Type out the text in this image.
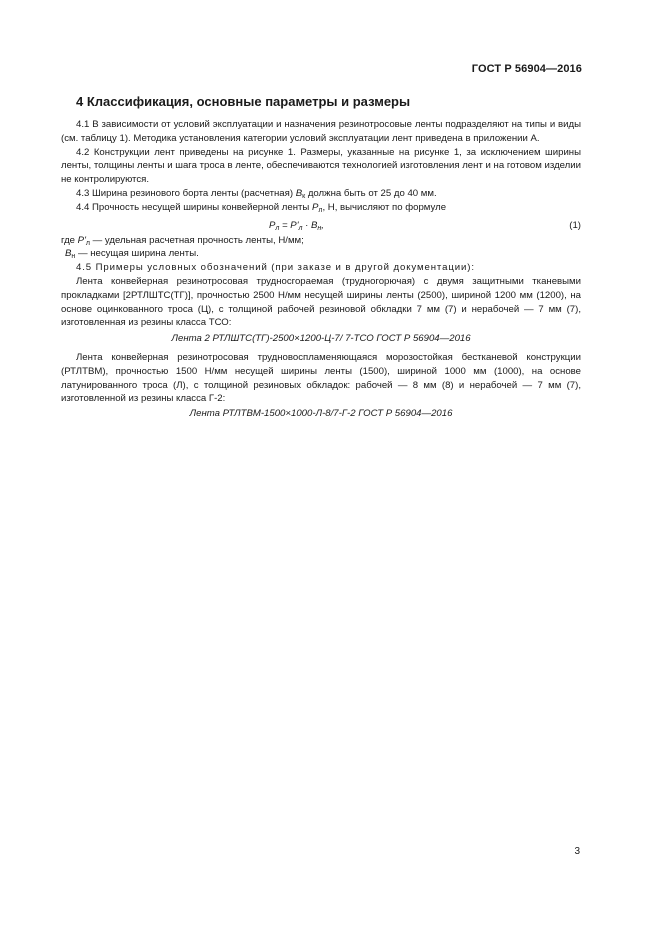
ГОСТ Р 56904—2016
4 Классификация, основные параметры и размеры

4.1 В зависимости от условий эксплуатации и назначения резинотросовые ленты подразделяют на типы и виды (см. таблицу 1). Методика установления категории условий эксплуатации лент приведена в приложении А.

4.2 Конструкции лент приведены на рисунке 1. Размеры, указанные на рисунке 1, за исключением ширины ленты, толщины ленты и шага троса в ленте, обеспечиваются технологией изготовления лент и на готовом изделии не контролируются.

4.3 Ширина резинового борта ленты (расчетная) $B_к$ должна быть от 25 до 40 мм.

4.4 Прочность несущей ширины конвейерной ленты $P_л$, Н, вычисляют по формуле

$P_л = P'_л \cdot B_н$,	(1)

где $P'_л$ — удельная расчетная прочность ленты, Н/мм;

$B_н$ — несущая ширина ленты.

4.5 Примеры условных обозначений (при заказе и в другой документации):

Лента конвейерная резинотросовая трудносгораемая (трудногорючая) с двумя защитными тканевыми прокладками [2РТЛШТС(ТГ)], прочностью 2500 Н/мм несущей ширины ленты (2500), шириной 1200 мм (1200), на основе оцинкованного троса (Ц), с толщиной рабочей резиновой обкладки 7 мм (7) и нерабочей — 7 мм (7), изготовленная из резины класса ТСО:

Лента 2 РТЛШТС(ТГ)-2500×1200-Ц-7/ 7-ТСО ГОСТ Р 56904—2016

Лента конвейерная резинотросовая трудновоспламеняющаяся морозостойкая бестканевой конструкции (РТЛТВМ), прочностью 1500 Н/мм несущей ширины ленты (1500), шириной 1000 мм (1000), на основе латунированного троса (Л), с толщиной резиновых обкладок: рабочей — 8 мм (8) и нерабочей — 7 мм (7), изготовленной из резины класса Г-2:

Лента РТЛТВМ-1500×1000-Л-8/7-Г-2 ГОСТ Р 56904—2016

3
